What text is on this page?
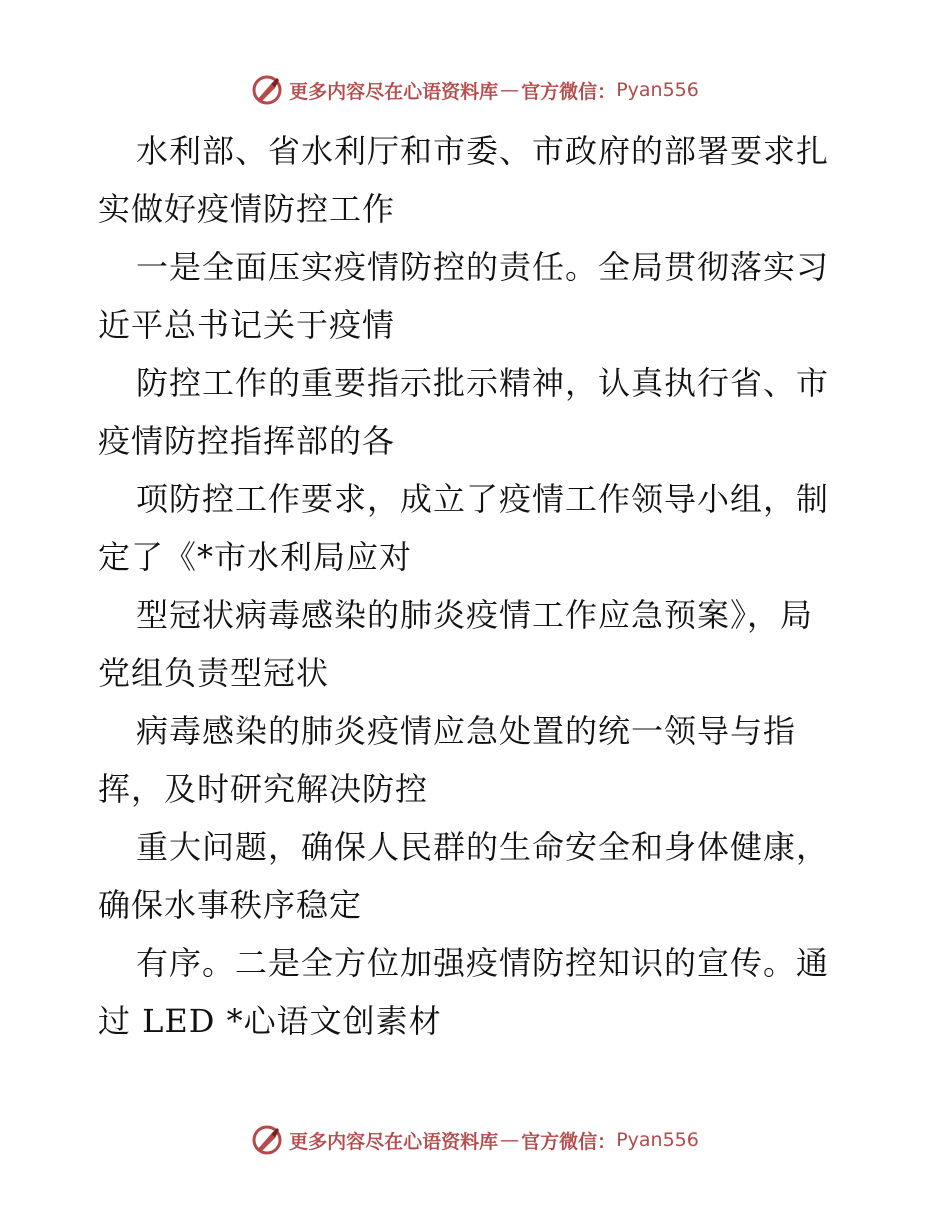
更多内容尽在心语资料库 — 官方微信： Pyan556
水利部、省水利厅和市委、市政府的部署要求扎
实做好疫情防控工作
一是全面压实疫情防控的责任。全局贯彻落实习
近平总书记关于疫情
防控工作的重要指示批示精神，认真执行省、市
疫情防控指挥部的各
项防控工作要求，成立了疫情工作领导小组，制
定了《*市水利局应对
型冠状病毒感染的肺炎疫情工作应急预案》，局
党组负责型冠状
病毒感染的肺炎疫情应急处置的统一领导与指
挥，及时研究解决防控
重大问题，确保人民群的生命安全和身体健康，
确保水事秩序稳定
有序。二是全方位加强疫情防控知识的宣传。通
过 LED *心语文创素材
更多内容尽在心语资料库 — 官方微信： Pyan556
